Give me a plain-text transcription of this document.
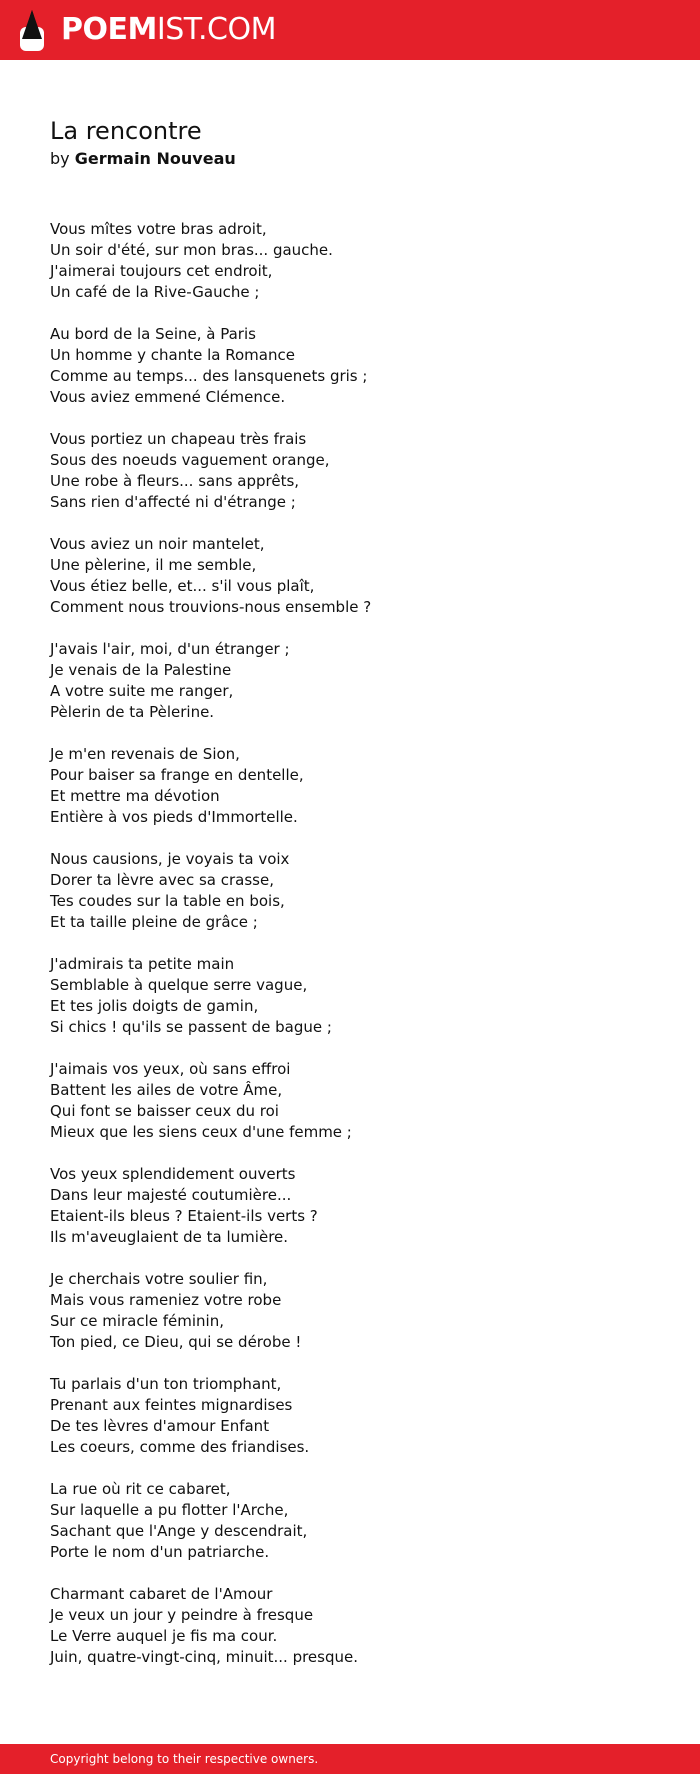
POEMIST.COM
La rencontre
by Germain Nouveau
Vous mîtes votre bras adroit,
Un soir d'été, sur mon bras... gauche.
J'aimerai toujours cet endroit,
Un café de la Rive-Gauche ;
Au bord de la Seine, à Paris
Un homme y chante la Romance
Comme au temps... des lansquenets gris ;
Vous aviez emmené Clémence.
Vous portiez un chapeau très frais
Sous des noeuds vaguement orange,
Une robe à fleurs... sans apprêts,
Sans rien d'affecté ni d'étrange ;
Vous aviez un noir mantelet,
Une pèlerine, il me semble,
Vous étiez belle, et... s'il vous plaît,
Comment nous trouvions-nous ensemble ?
J'avais l'air, moi, d'un étranger ;
Je venais de la Palestine
A votre suite me ranger,
Pèlerin de ta Pèlerine.
Je m'en revenais de Sion,
Pour baiser sa frange en dentelle,
Et mettre ma dévotion
Entière à vos pieds d'Immortelle.
Nous causions, je voyais ta voix
Dorer ta lèvre avec sa crasse,
Tes coudes sur la table en bois,
Et ta taille pleine de grâce ;
J'admirais ta petite main
Semblable à quelque serre vague,
Et tes jolis doigts de gamin,
Si chics ! qu'ils se passent de bague ;
J'aimais vos yeux, où sans effroi
Battent les ailes de votre Âme,
Qui font se baisser ceux du roi
Mieux que les siens ceux d'une femme ;
Vos yeux splendidement ouverts
Dans leur majesté coutumière...
Etaient-ils bleus ? Etaient-ils verts ?
Ils m'aveuglaient de ta lumière.
Je cherchais votre soulier fin,
Mais vous rameniez votre robe
Sur ce miracle féminin,
Ton pied, ce Dieu, qui se dérobe !
Tu parlais d'un ton triomphant,
Prenant aux feintes mignardises
De tes lèvres d'amour Enfant
Les coeurs, comme des friandises.
La rue où rit ce cabaret,
Sur laquelle a pu flotter l'Arche,
Sachant que l'Ange y descendrait,
Porte le nom d'un patriarche.
Charmant cabaret de l'Amour
Je veux un jour y peindre à fresque
Le Verre auquel je fis ma cour.
Juin, quatre-vingt-cinq, minuit... presque.
Copyright belong to their respective owners.
